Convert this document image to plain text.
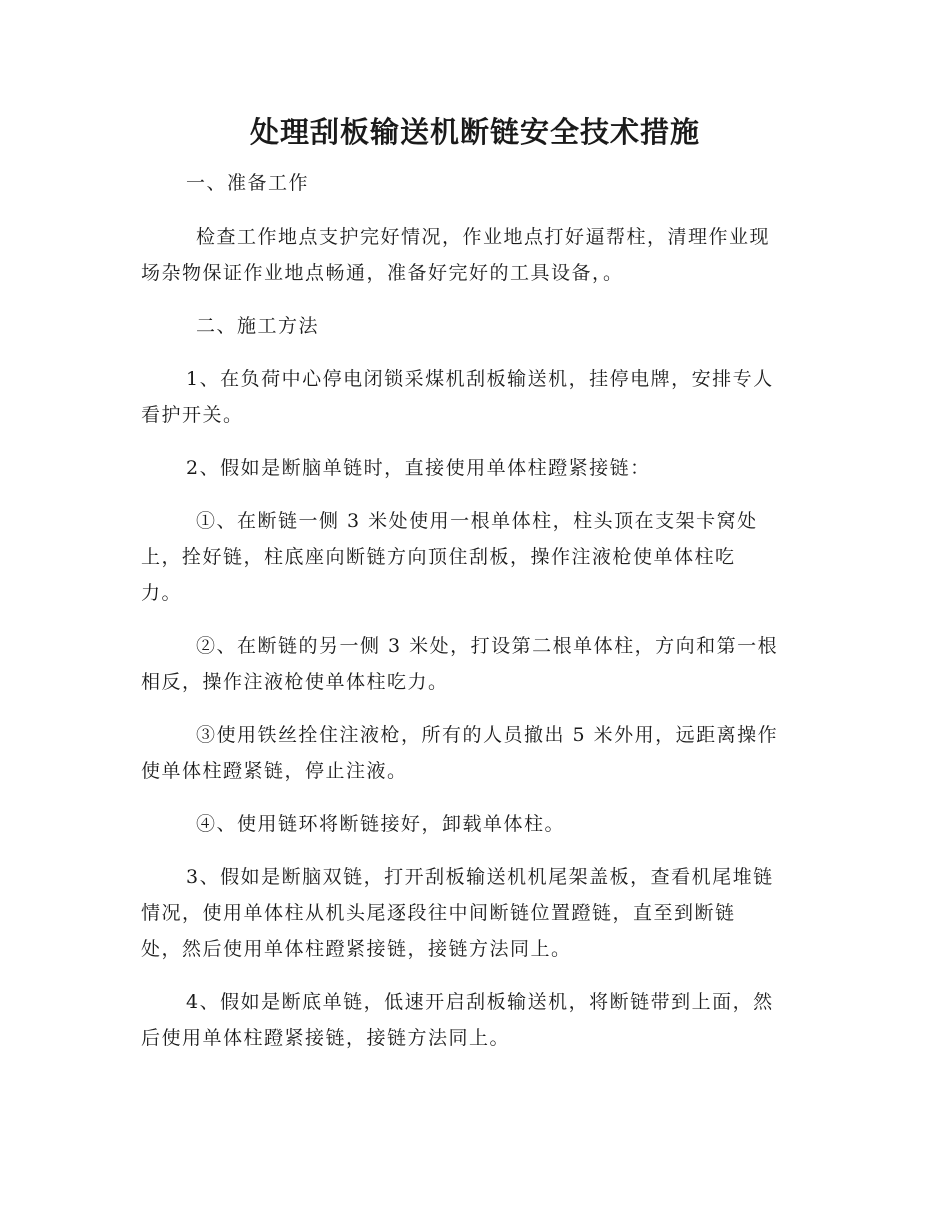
处理刮板输送机断链安全技术措施

一、准备工作

检查工作地点支护完好情况，作业地点打好逼帮柱，清理作业现

场杂物保证作业地点畅通，准备好完好的工具设备，。

二、施工方法

1、在负荷中心停电闭锁采煤机刮板输送机，挂停电牌，安排专人

看护开关。

2、假如是断脑单链时，直接使用单体柱蹬紧接链：

①、在断链一侧 3 米处使用一根单体柱，柱头顶在支架卡窝处

上，拴好链，柱底座向断链方向顶住刮板，操作注液枪使单体柱吃

力。

②、在断链的另一侧 3 米处，打设第二根单体柱，方向和第一根

相反，操作注液枪使单体柱吃力。

③使用铁丝拴住注液枪，所有的人员撤出 5 米外用，远距离操作

使单体柱蹬紧链，停止注液。

④、使用链环将断链接好，卸载单体柱。

3、假如是断脑双链，打开刮板输送机机尾架盖板，查看机尾堆链

情况，使用单体柱从机头尾逐段往中间断链位置蹬链，直至到断链

处，然后使用单体柱蹬紧接链，接链方法同上。

4、假如是断底单链，低速开启刮板输送机，将断链带到上面，然

后使用单体柱蹬紧接链，接链方法同上。
